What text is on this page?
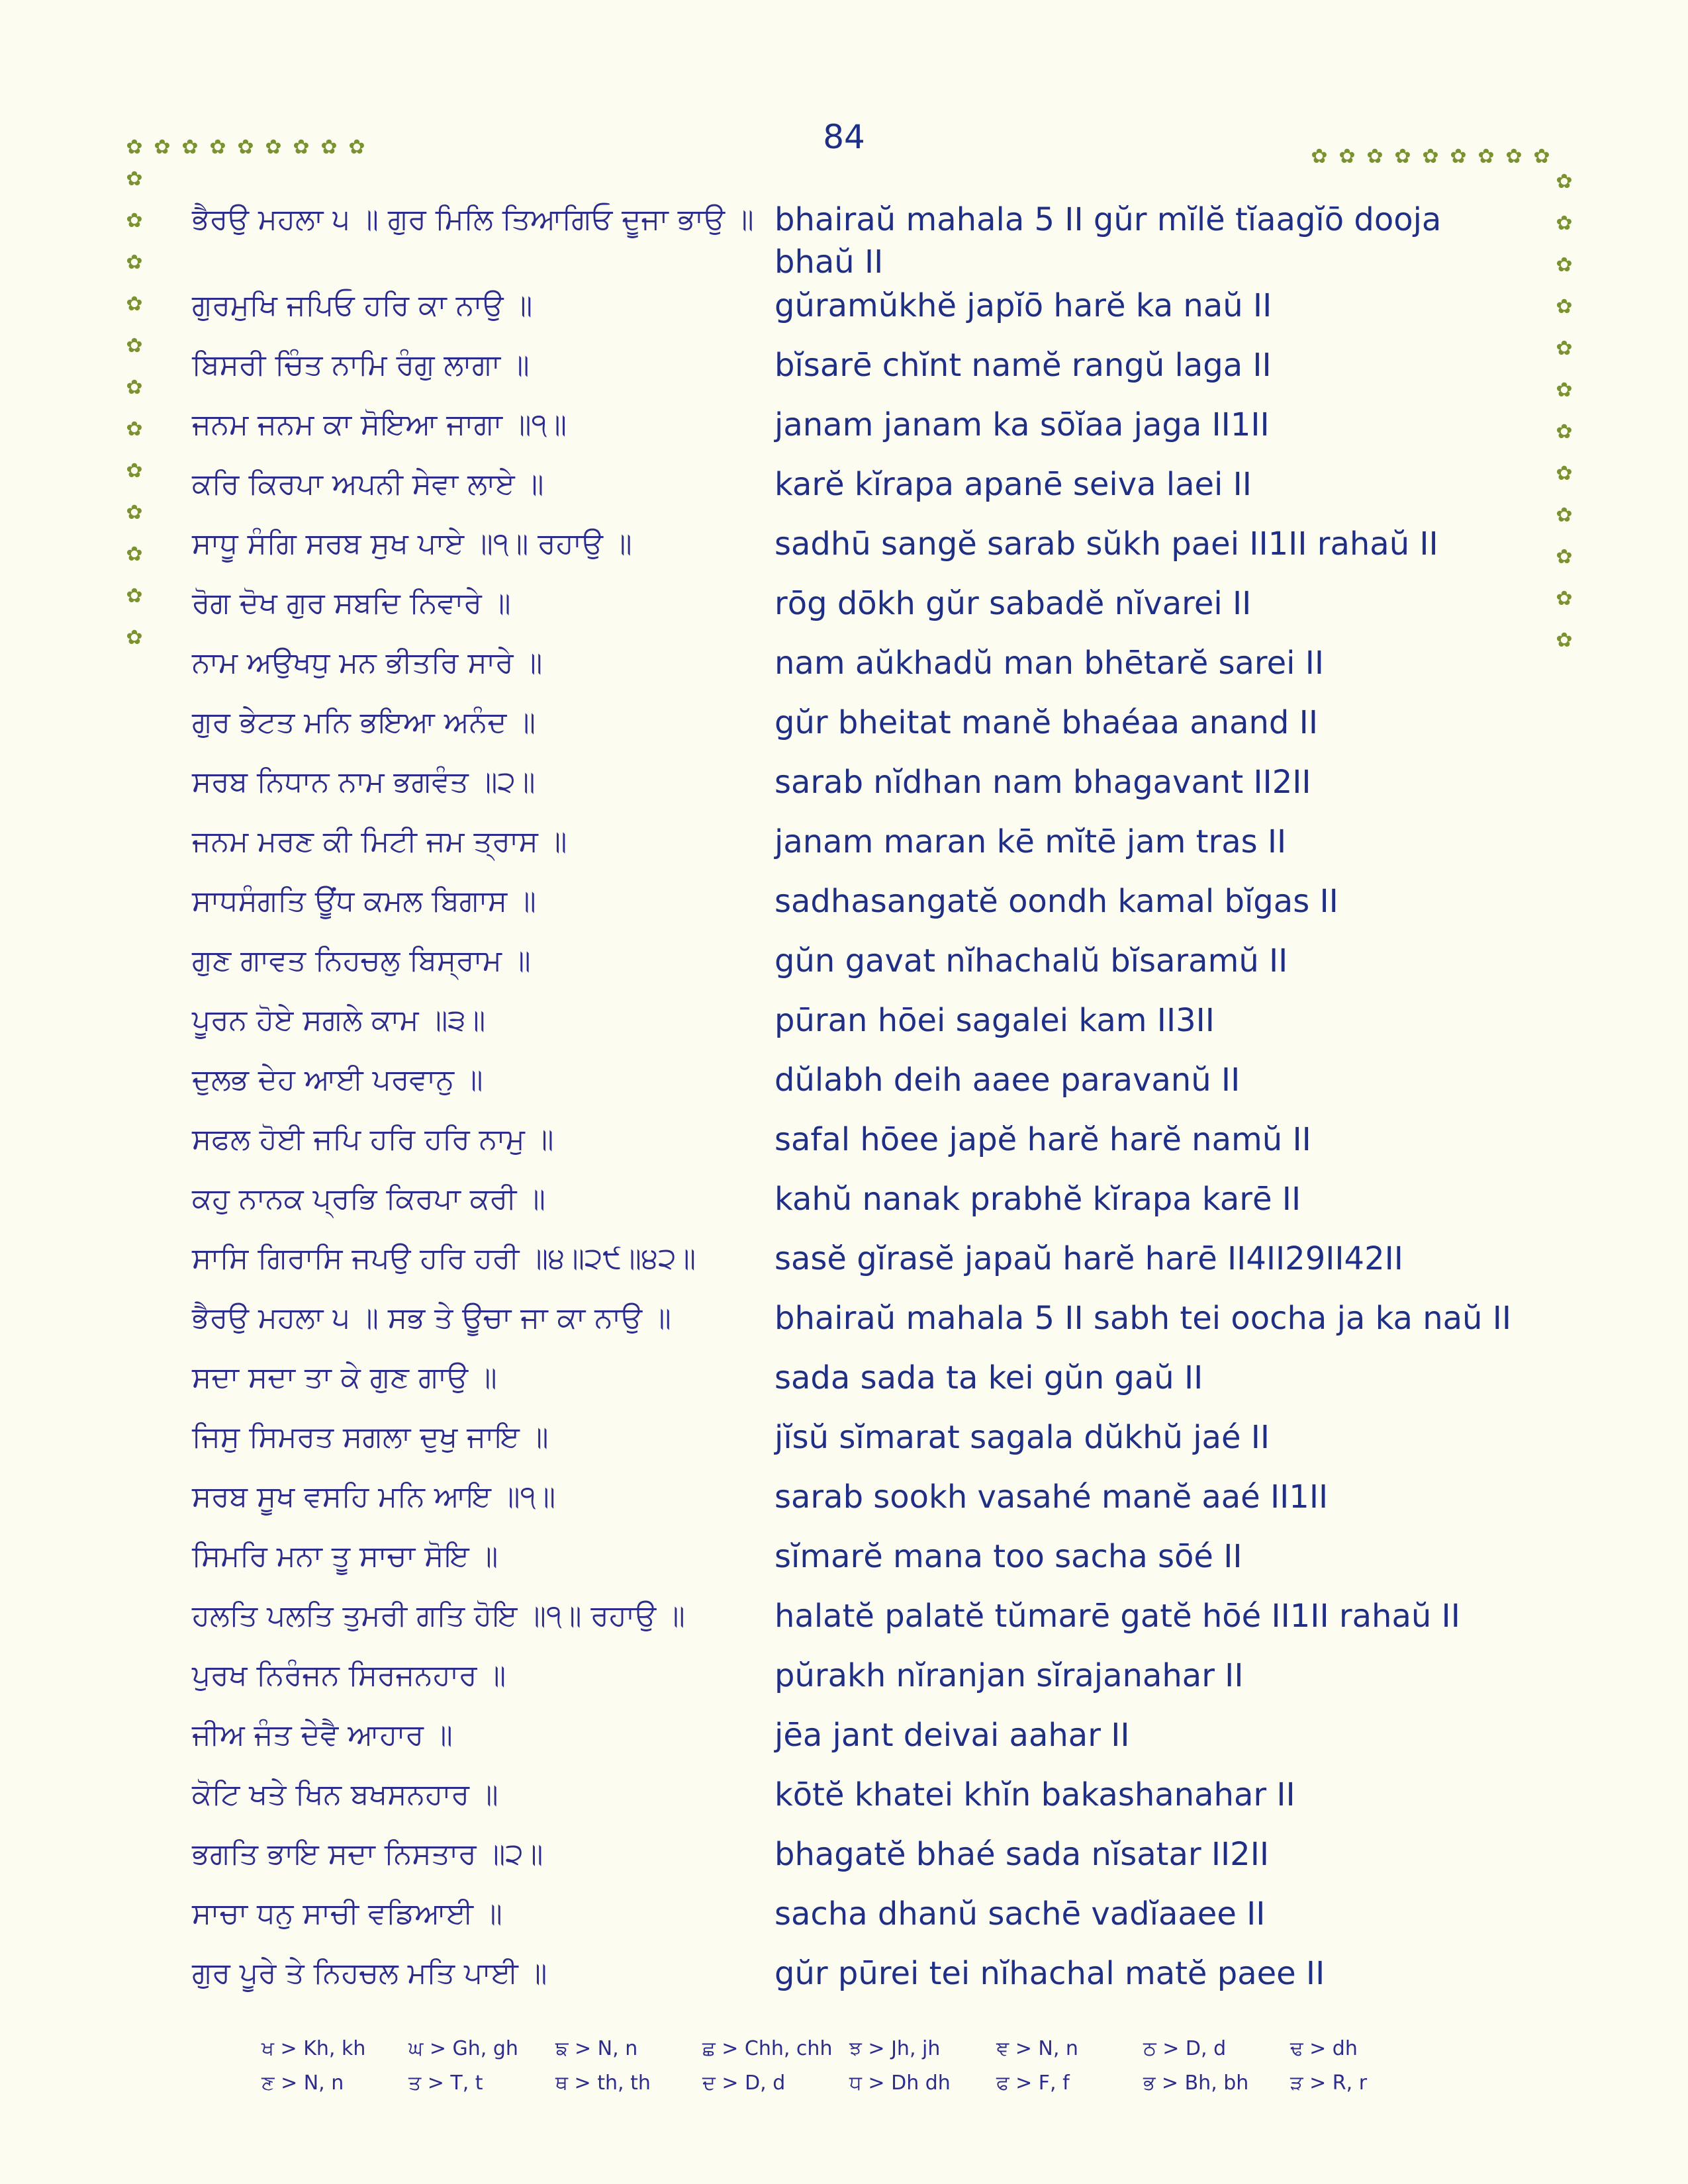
84
✿ ✿ ✿ ✿ ✿ ✿ ✿ ✿ ✿
✿
✿
✿
✿
✿
✿
✿
✿
✿
✿
✿
✿
✿ ✿ ✿ ✿ ✿ ✿ ✿ ✿ ✿
✿
✿
✿
✿
✿
✿
✿
✿
✿
✿
✿
✿
ਭੈਰਉ ਮਹਲਾ ੫ ॥ ਗੁਰ ਮਿਲਿ ਤਿਆਗਿਓ ਦੂਜਾ ਭਾਉ ॥ bhairaŭ mahala 5 II gŭr mĭlĕ tĭaagĭō dooja bhaŭ II
ਗੁਰਮੁਖਿ ਜਪਿਓ ਹਰਿ ਕਾ ਨਾਉ ॥	gŭramŭkhĕ japĭō harĕ ka naŭ II
ਬਿਸਰੀ ਚਿੰਤ ਨਾਮਿ ਰੰਗੁ ਲਾਗਾ ॥	bĭsarē chĭnt namĕ rangŭ laga II
ਜਨਮ ਜਨਮ ਕਾ ਸੋਇਆ ਜਾਗਾ ॥੧॥	janam janam ka sōĭaa jaga II1II
ਕਰਿ ਕਿਰਪਾ ਅਪਨੀ ਸੇਵਾ ਲਾਏ ॥	karĕ kĭrapa apanē seiva laei II
ਸਾਧੂ ਸੰਗਿ ਸਰਬ ਸੁਖ ਪਾਏ ॥੧॥ ਰਹਾਉ ॥	sadhū sangĕ sarab sŭkh paei II1II rahaŭ II
ਰੋਗ ਦੋਖ ਗੁਰ ਸਬਦਿ ਨਿਵਾਰੇ ॥	rōg dōkh gŭr sabadĕ nĭvarei II
ਨਾਮ ਅਉਖਧੁ ਮਨ ਭੀਤਰਿ ਸਾਰੇ ॥	nam aŭkhadŭ man bhētarĕ sarei II
ਗੁਰ ਭੇਟਤ ਮਨਿ ਭਇਆ ਅਨੰਦ ॥	gŭr bheitat manĕ bhaéaa anand II
ਸਰਬ ਨਿਧਾਨ ਨਾਮ ਭਗਵੰਤ ॥੨॥	sarab nĭdhan nam bhagavant II2II
ਜਨਮ ਮਰਣ ਕੀ ਮਿਟੀ ਜਮ ਤ੍ਰਾਸ ॥	janam maran kē mĭtē jam tras II
ਸਾਧਸੰਗਤਿ ਊਂਧ ਕਮਲ ਬਿਗਾਸ ॥	sadhasangatĕ oondh kamal bĭgas II
ਗੁਣ ਗਾਵਤ ਨਿਹਚਲੁ ਬਿਸ੍ਰਾਮ ॥	gŭn gavat nĭhachalŭ bĭsaramŭ II
ਪੂਰਨ ਹੋਏ ਸਗਲੇ ਕਾਮ ॥੩॥	pūran hōei sagalei kam II3II
ਦੁਲਭ ਦੇਹ ਆਈ ਪਰਵਾਨੁ ॥	dŭlabh deih aaee paravanŭ II
ਸਫਲ ਹੋਈ ਜਪਿ ਹਰਿ ਹਰਿ ਨਾਮੁ ॥	safal hōee japĕ harĕ harĕ namŭ II
ਕਹੁ ਨਾਨਕ ਪ੍ਰਭਿ ਕਿਰਪਾ ਕਰੀ ॥	kahŭ nanak prabhĕ kĭrapa karē II
ਸਾਸਿ ਗਿਰਾਸਿ ਜਪਉ ਹਰਿ ਹਰੀ ॥੪॥੨੯॥੪੨॥	sasĕ gĭrasĕ japaŭ harĕ harē II4II29II42II
ਭੈਰਉ ਮਹਲਾ ੫ ॥ ਸਭ ਤੇ ਊਚਾ ਜਾ ਕਾ ਨਾਉ ॥	bhairaŭ mahala 5 II sabh tei oocha ja ka naŭ II
ਸਦਾ ਸਦਾ ਤਾ ਕੇ ਗੁਣ ਗਾਉ ॥	sada sada ta kei gŭn gaŭ II
ਜਿਸੁ ਸਿਮਰਤ ਸਗਲਾ ਦੁਖੁ ਜਾਇ ॥	jĭsŭ sĭmarat sagala dŭkhŭ jaé II
ਸਰਬ ਸੂਖ ਵਸਹਿ ਮਨਿ ਆਇ ॥੧॥	sarab sookh vasahé manĕ aaé II1II
ਸਿਮਰਿ ਮਨਾ ਤੂ ਸਾਚਾ ਸੋਇ ॥	sĭmarĕ mana too sacha sōé II
ਹਲਤਿ ਪਲਤਿ ਤੁਮਰੀ ਗਤਿ ਹੋਇ ॥੧॥ ਰਹਾਉ ॥	halatĕ palatĕ tŭmarē gatĕ hōé II1II rahaŭ II
ਪੁਰਖ ਨਿਰੰਜਨ ਸਿਰਜਨਹਾਰ ॥	pŭrakh nĭranjan sĭrajanahar II
ਜੀਅ ਜੰਤ ਦੇਵੈ ਆਹਾਰ ॥	jēa jant deivai aahar II
ਕੋਟਿ ਖਤੇ ਖਿਨ ਬਖਸਨਹਾਰ ॥	kōtĕ khatei khĭn bakashanahar II
ਭਗਤਿ ਭਾਇ ਸਦਾ ਨਿਸਤਾਰ ॥੨॥	bhagatĕ bhaé sada nĭsatar II2II
ਸਾਚਾ ਧਨੁ ਸਾਚੀ ਵਡਿਆਈ ॥	sacha dhanŭ sachē vadĭaaee II
ਗੁਰ ਪੂਰੇ ਤੇ ਨਿਹਚਲ ਮਤਿ ਪਾਈ ॥	gŭr pūrei tei nĭhachal matĕ paee II
ਖ > Kh, kh	ਘ > Gh, gh	ਙ > N, n	ਛ > Chh, chh ਝ > Jh, jh	ਞ > N, n	ਠ > D, d	ਢ > dh
ਣ > N, n	ਤ > T, t	ਥ > th, th	ਦ > D, d	ਧ > Dh dh	ਫ > F, f	ਭ > Bh, bh	ੜ > R, r
